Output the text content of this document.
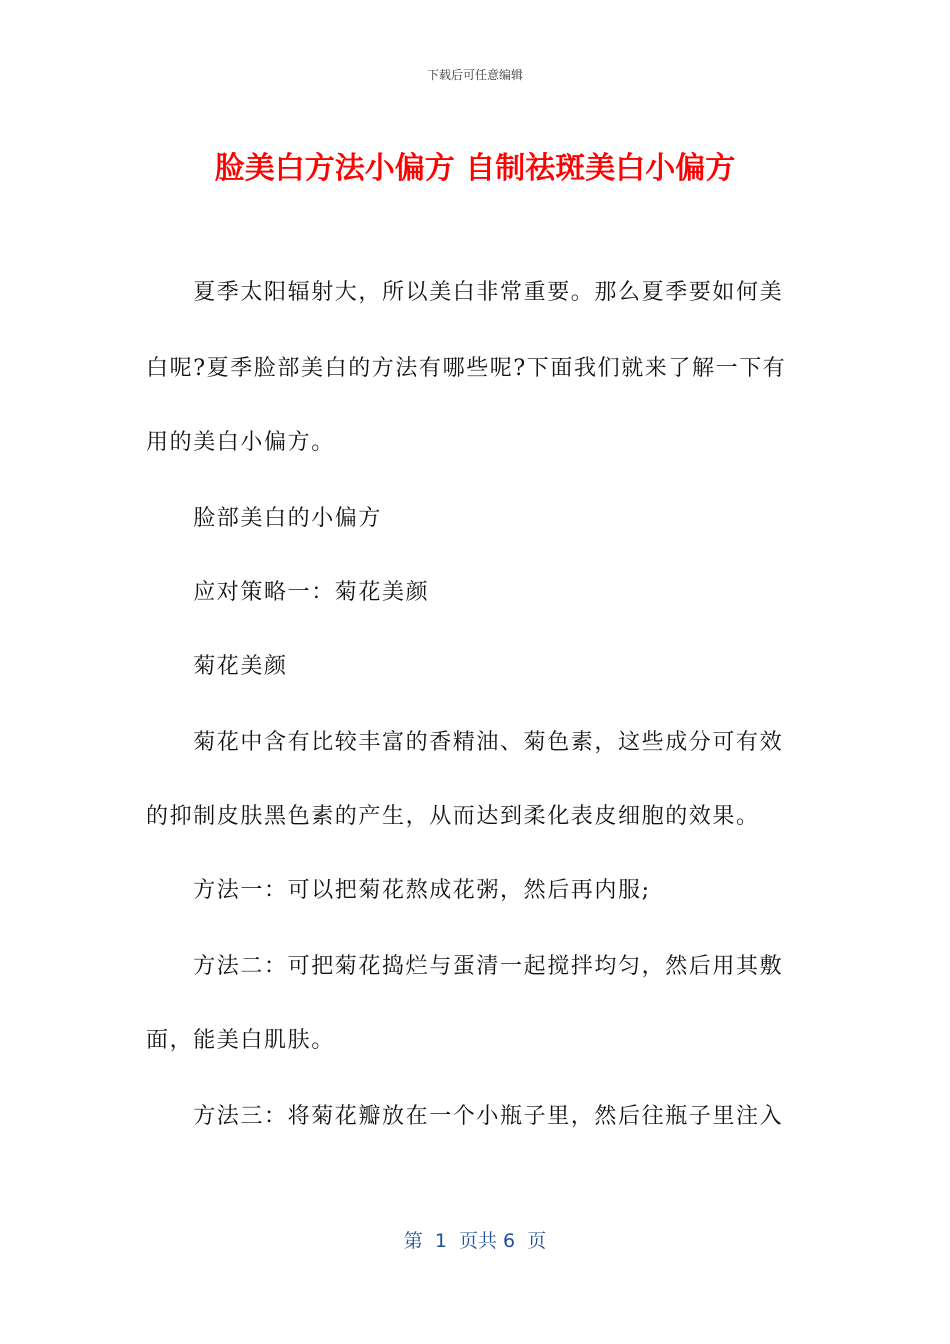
下载后可任意编辑
脸美白方法小偏方 自制祛斑美白小偏方
　　夏季太阳辐射大，所以美白非常重要。那么夏季要如何美
白呢?夏季脸部美白的方法有哪些呢?下面我们就来了解一下有
用的美白小偏方。
　　脸部美白的小偏方
　　应对策略一：菊花美颜
　　菊花美颜
　　菊花中含有比较丰富的香精油、菊色素，这些成分可有效
的抑制皮肤黑色素的产生，从而达到柔化表皮细胞的效果。
　　方法一：可以把菊花熬成花粥，然后再内服;
　　方法二：可把菊花捣烂与蛋清一起搅拌均匀，然后用其敷
面，能美白肌肤。
　　方法三：将菊花瓣放在一个小瓶子里，然后往瓶子里注入
第  1  页共 6  页
